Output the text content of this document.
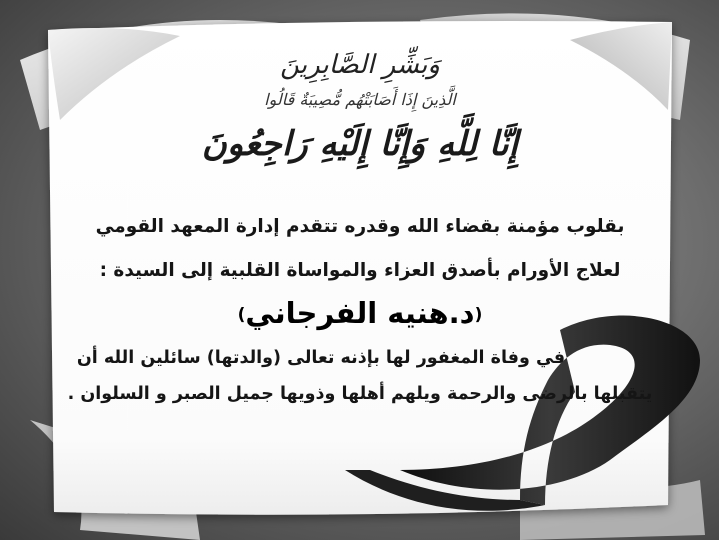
وَبَشِّرِ الصَّابِرِينَ
الَّذِينَ إِذَا أَصَابَتْهُم مُّصِيبَةٌ قَالُوا
إِنَّا لِلَّهِ وَإِنَّا إِلَيْهِ رَاجِعُونَ
بقلوب مؤمنة بقضاء الله وقدره تتقدم إدارة المعهد القومي
لعلاج الأورام بأصدق العزاء والمواساة القلبية إلى السيدة :
(د.هنيه الفرجاني)
في وفاة المغفور لها بإذنه تعالى (والدتها) سائلين الله أن
يتقبلها بالرضى والرحمة ويلهم أهلها وذويها جميل الصبر و السلوان .
